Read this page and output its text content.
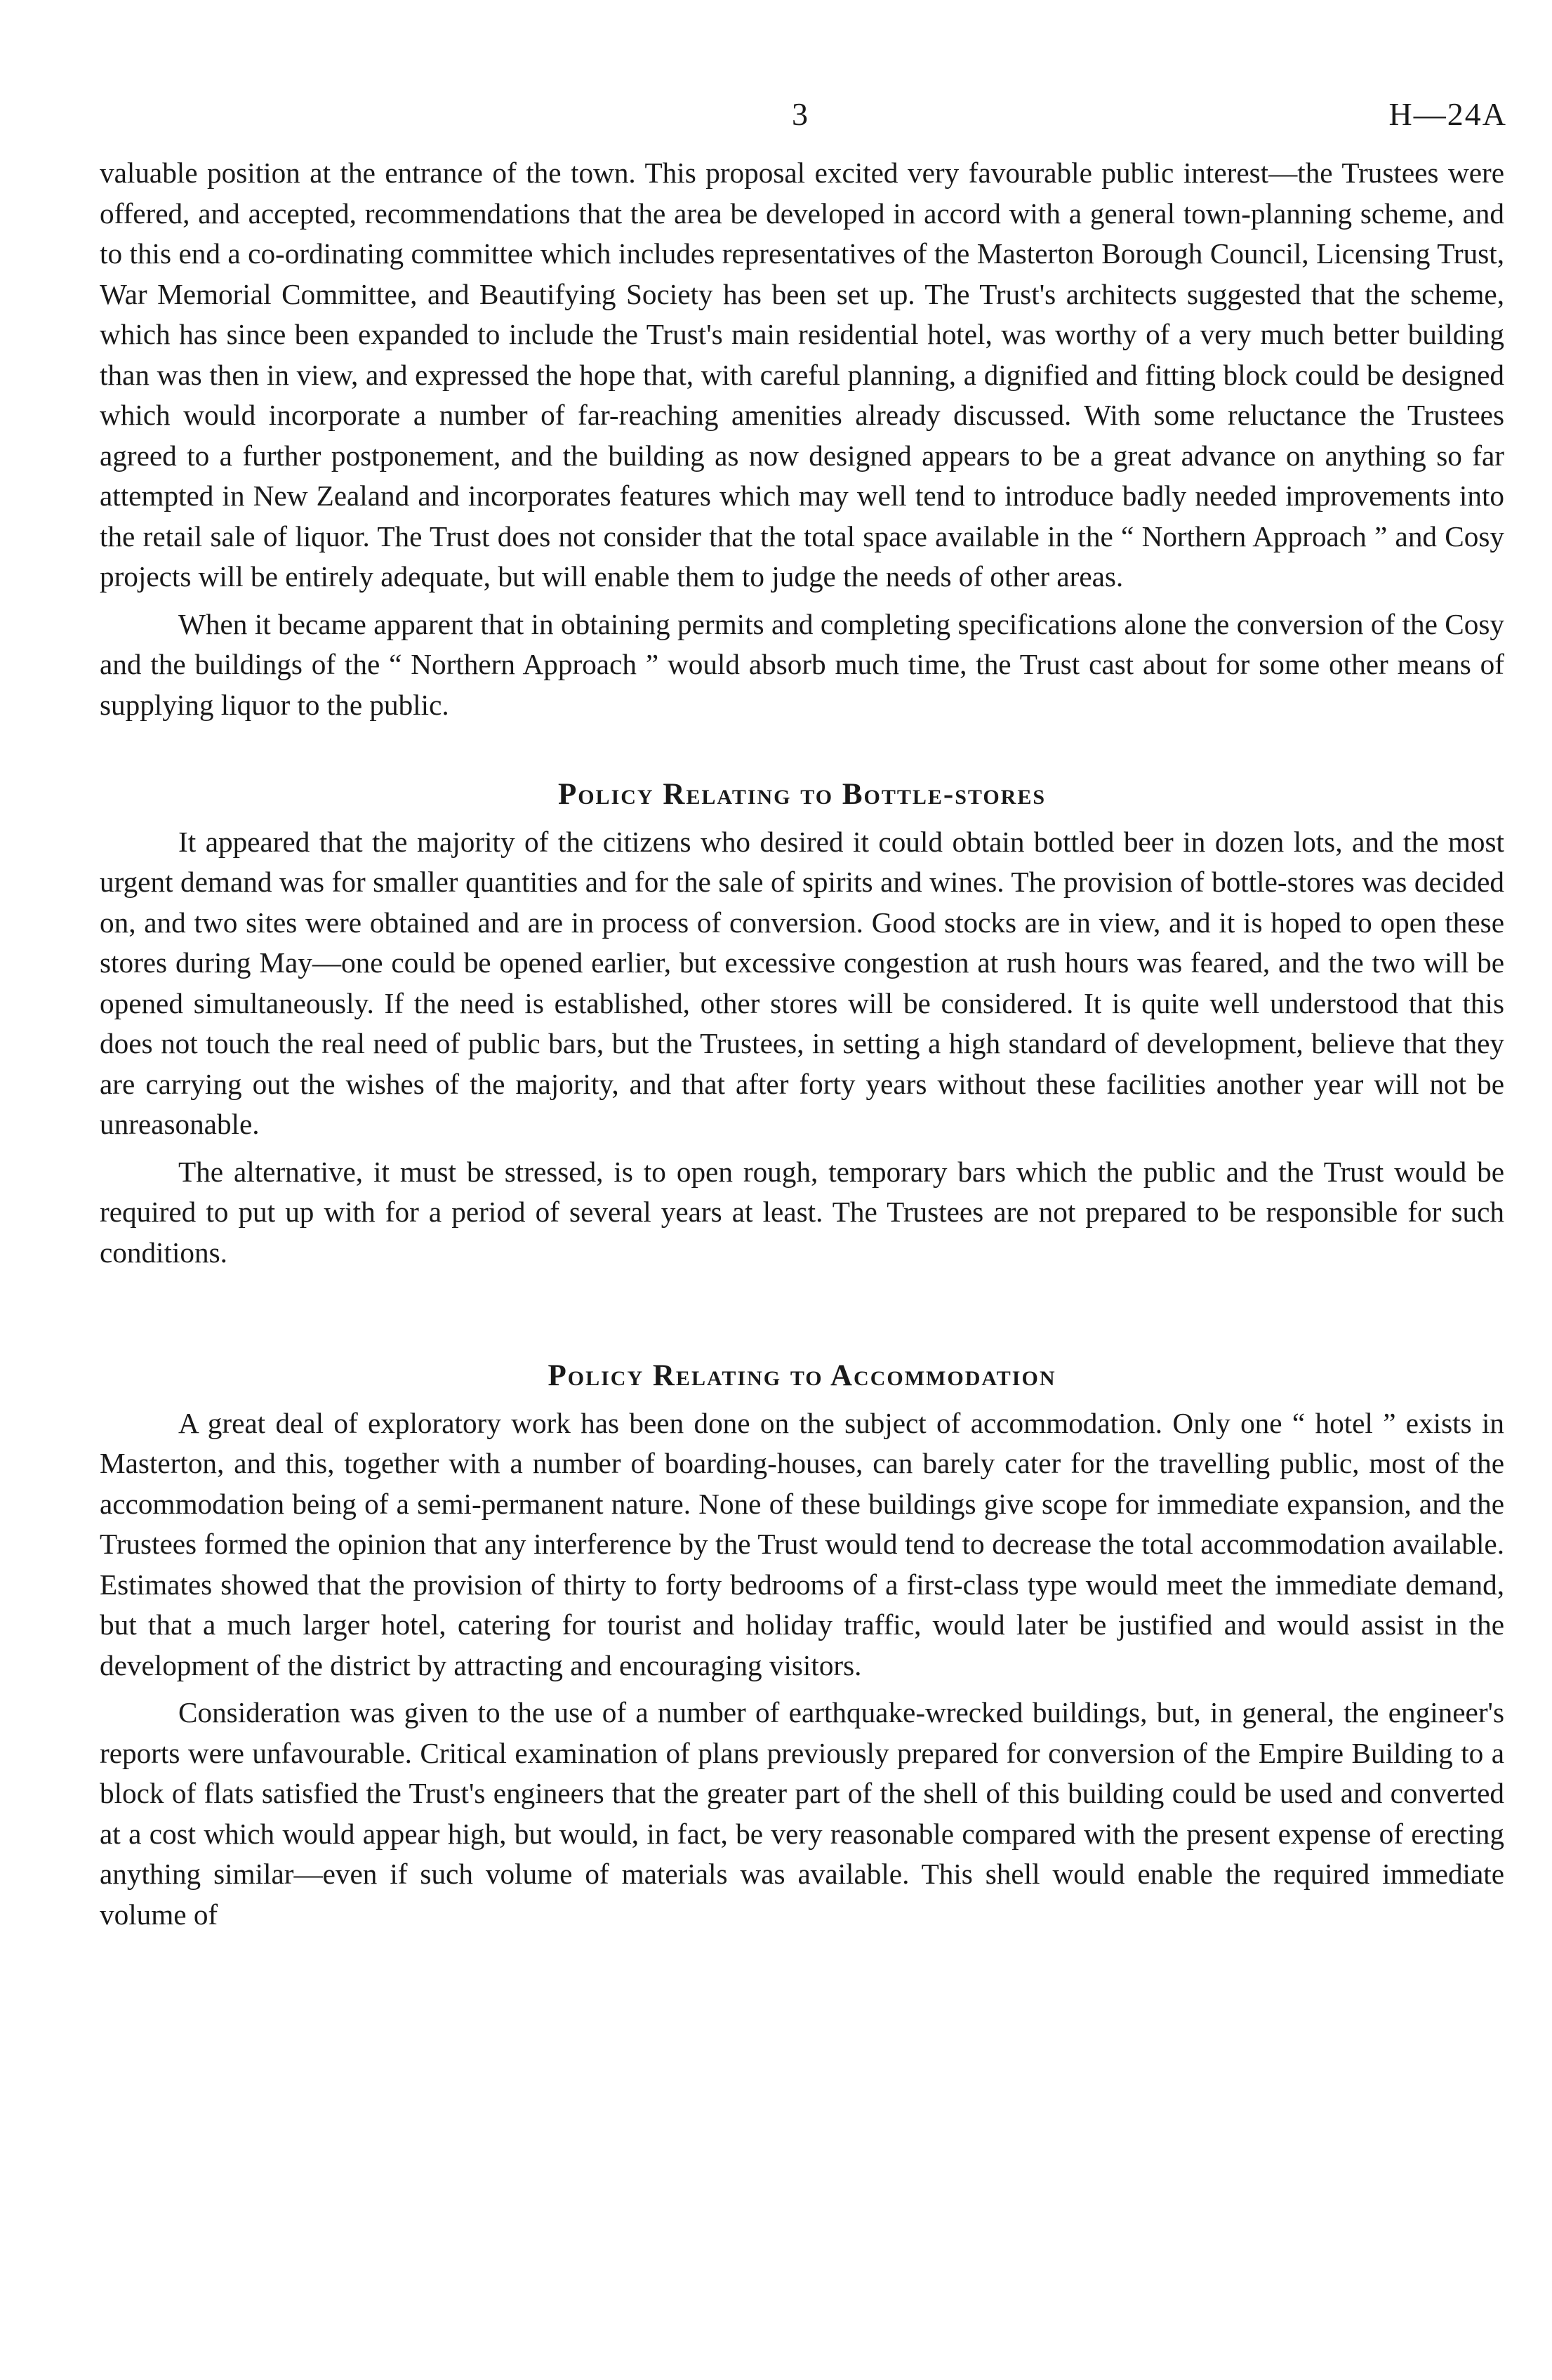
3	H—24A

valuable position at the entrance of the town. This proposal excited very favourable public interest—the Trustees were offered, and accepted, recommendations that the area be developed in accord with a general town-planning scheme, and to this end a co-ordinating committee which includes representatives of the Masterton Borough Council, Licensing Trust, War Memorial Committee, and Beautifying Society has been set up. The Trust's architects suggested that the scheme, which has since been expanded to include the Trust's main residential hotel, was worthy of a very much better building than was then in view, and expressed the hope that, with careful planning, a dignified and fitting block could be designed which would incorporate a number of far-reaching amenities already discussed. With some reluctance the Trustees agreed to a further postponement, and the building as now designed appears to be a great advance on anything so far attempted in New Zealand and incorporates features which may well tend to introduce badly needed improvements into the retail sale of liquor. The Trust does not consider that the total space available in the “ Northern Approach ” and Cosy projects will be entirely adequate, but will enable them to judge the needs of other areas.

When it became apparent that in obtaining permits and completing specifications alone the conversion of the Cosy and the buildings of the “ Northern Approach ” would absorb much time, the Trust cast about for some other means of supplying liquor to the public.

Policy Relating to Bottle-stores

It appeared that the majority of the citizens who desired it could obtain bottled beer in dozen lots, and the most urgent demand was for smaller quantities and for the sale of spirits and wines. The provision of bottle-stores was decided on, and two sites were obtained and are in process of conversion. Good stocks are in view, and it is hoped to open these stores during May—one could be opened earlier, but excessive congestion at rush hours was feared, and the two will be opened simultaneously. If the need is established, other stores will be considered. It is quite well understood that this does not touch the real need of public bars, but the Trustees, in setting a high standard of development, believe that they are carrying out the wishes of the majority, and that after forty years without these facilities another year will not be unreasonable.

The alternative, it must be stressed, is to open rough, temporary bars which the public and the Trust would be required to put up with for a period of several years at least. The Trustees are not prepared to be responsible for such conditions.

Policy Relating to Accommodation

A great deal of exploratory work has been done on the subject of accommodation. Only one “ hotel ” exists in Masterton, and this, together with a number of boarding-houses, can barely cater for the travelling public, most of the accommodation being of a semi-permanent nature. None of these buildings give scope for immediate expansion, and the Trustees formed the opinion that any interference by the Trust would tend to decrease the total accommodation available. Estimates showed that the provision of thirty to forty bedrooms of a first-class type would meet the immediate demand, but that a much larger hotel, catering for tourist and holiday traffic, would later be justified and would assist in the development of the district by attracting and encouraging visitors.

Consideration was given to the use of a number of earthquake-wrecked buildings, but, in general, the engineer's reports were unfavourable. Critical examination of plans previously prepared for conversion of the Empire Building to a block of flats satisfied the Trust's engineers that the greater part of the shell of this building could be used and converted at a cost which would appear high, but would, in fact, be very reasonable compared with the present expense of erecting anything similar—even if such volume of materials was available. This shell would enable the required immediate volume of
